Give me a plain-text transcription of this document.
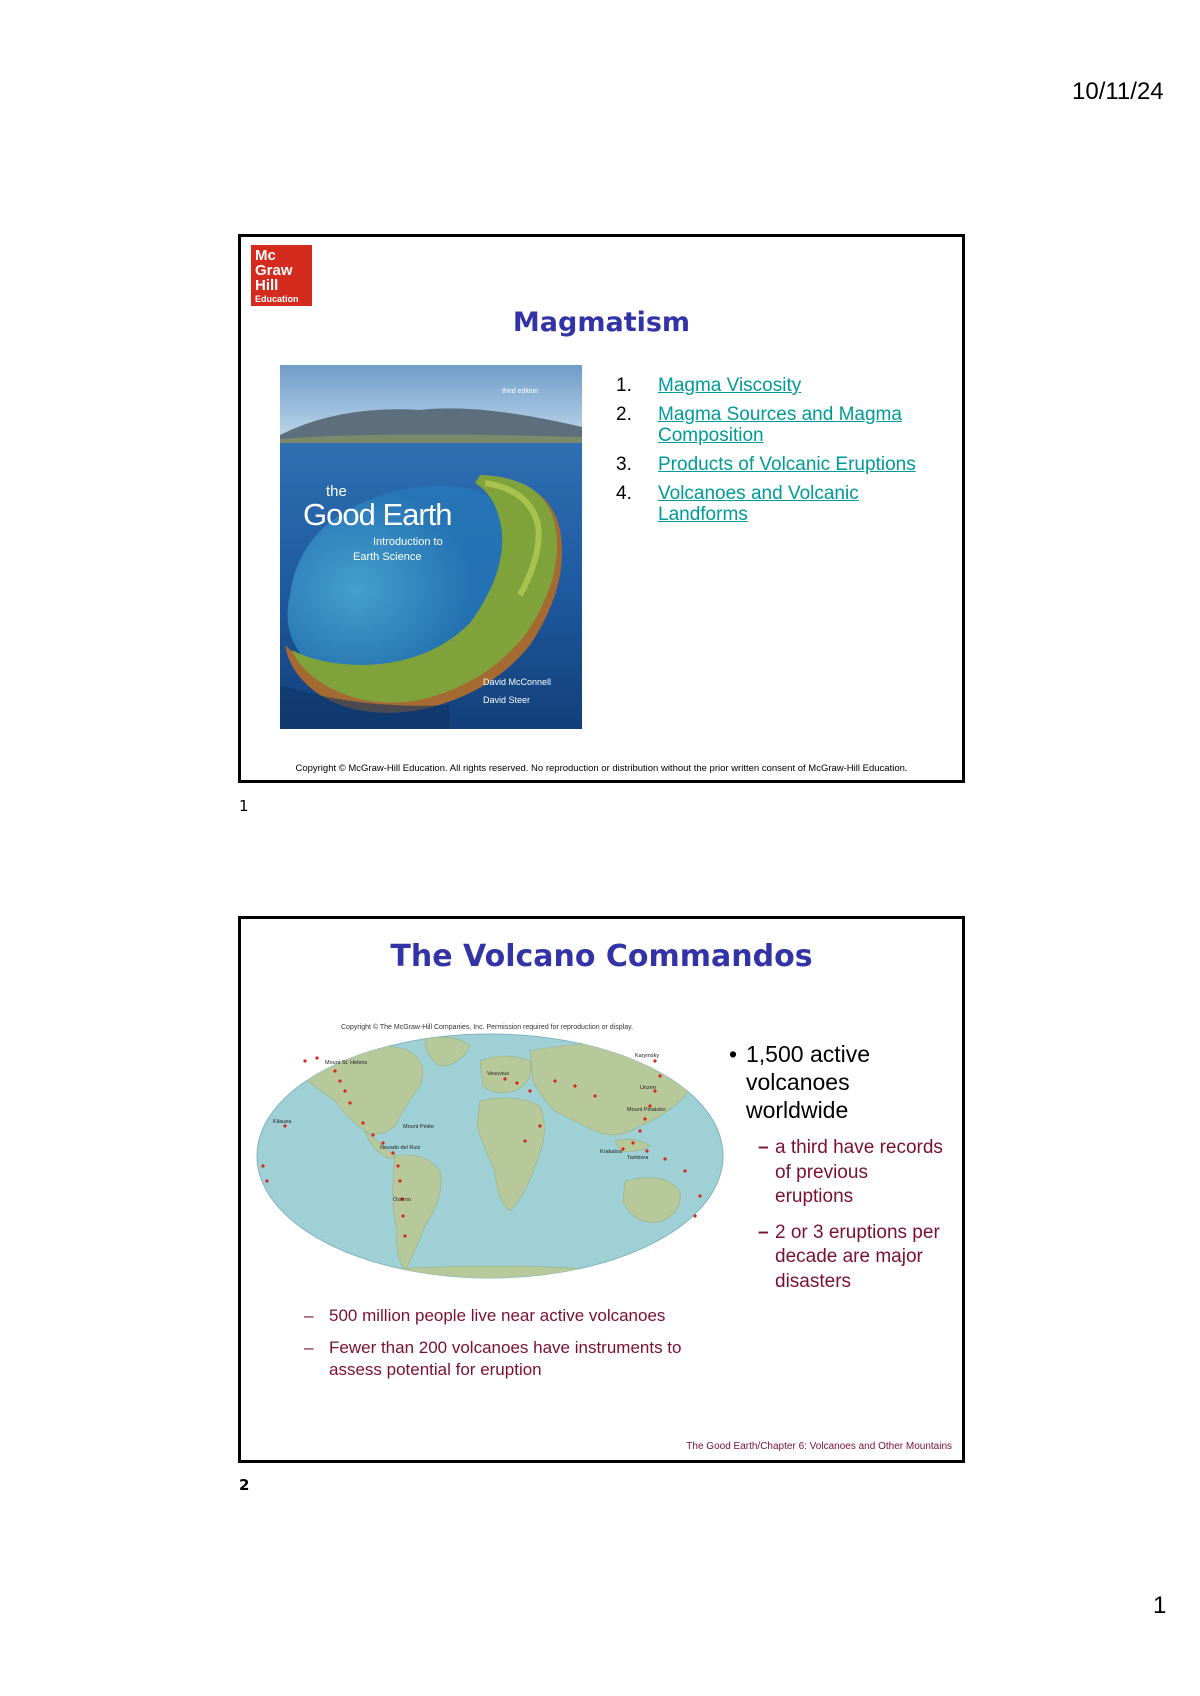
10/11/24
Mc
Graw
Hill
Education
Magmatism
third edition
the
Good Earth
Introduction to
Earth Science
David McConnell
David Steer
1. Magma Viscosity
2. Magma Sources and Magma Composition
3. Products of Volcanic Eruptions
4. Volcanoes and Volcanic Landforms
Copyright © McGraw-Hill Education. All rights reserved. No reproduction or distribution without the prior written consent of McGraw-Hill Education.
1
The Volcano Commandos
Copyright © The McGraw-Hill Companies, Inc. Permission required for reproduction or display.
Mount St. Helens
Kilauea
Mount Pelée
Nevado del Ruiz
Osorno
Vesuvius
Karymsky
Unzen
Mount Pinatubo
Krakatoa
Tambora
• 1,500 active volcanoes worldwide
– a third have records of previous eruptions
– 2 or 3 eruptions per decade are major disasters
– 500 million people live near active volcanoes
– Fewer than 200 volcanoes have instruments to assess potential for eruption
The Good Earth/Chapter 6: Volcanoes and Other Mountains
2
1
